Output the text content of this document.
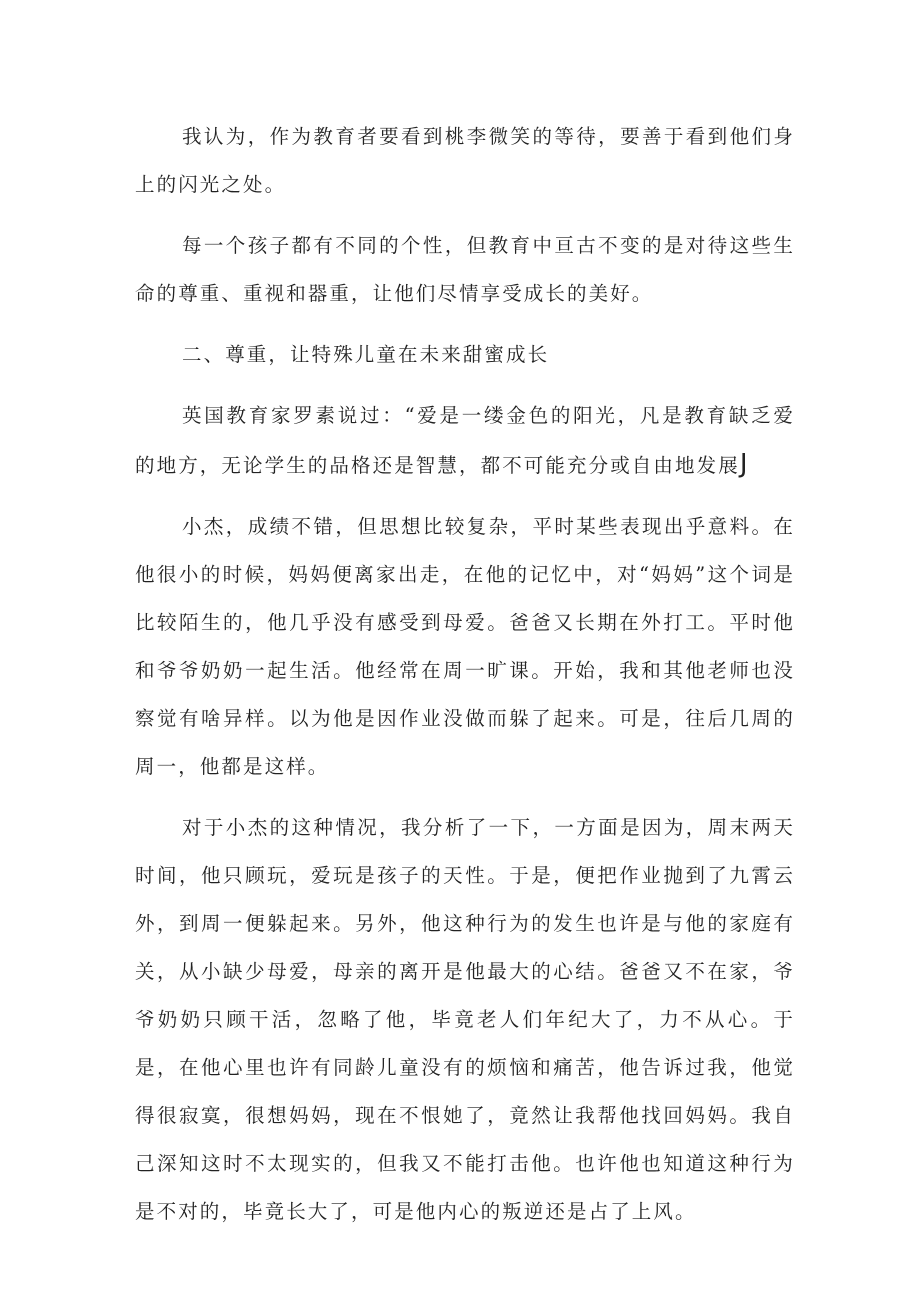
我认为，作为教育者要看到桃李微笑的等待，要善于看到他们身上的闪光之处。

每一个孩子都有不同的个性，但教育中亘古不变的是对待这些生命的尊重、重视和器重，让他们尽情享受成长的美好。

二、尊重，让特殊儿童在未来甜蜜成长

英国教育家罗素说过：“爱是一缕金色的阳光，凡是教育缺乏爱的地方，无论学生的品格还是智慧，都不可能充分或自由地发展J

小杰，成绩不错，但思想比较复杂，平时某些表现出乎意料。在他很小的时候，妈妈便离家出走，在他的记忆中，对“妈妈”这个词是比较陌生的，他几乎没有感受到母爱。爸爸又长期在外打工。平时他和爷爷奶奶一起生活。他经常在周一旷课。开始，我和其他老师也没察觉有啥异样。以为他是因作业没做而躲了起来。可是，往后几周的周一，他都是这样。

对于小杰的这种情况，我分析了一下，一方面是因为，周末两天时间，他只顾玩，爱玩是孩子的天性。于是，便把作业抛到了九霄云外，到周一便躲起来。另外，他这种行为的发生也许是与他的家庭有关，从小缺少母爱，母亲的离开是他最大的心结。爸爸又不在家，爷爷奶奶只顾干活，忽略了他，毕竟老人们年纪大了，力不从心。于是，在他心里也许有同龄儿童没有的烦恼和痛苦，他告诉过我，他觉得很寂寞，很想妈妈，现在不恨她了，竟然让我帮他找回妈妈。我自己深知这时不太现实的，但我又不能打击他。也许他也知道这种行为是不对的，毕竟长大了，可是他内心的叛逆还是占了上风。
